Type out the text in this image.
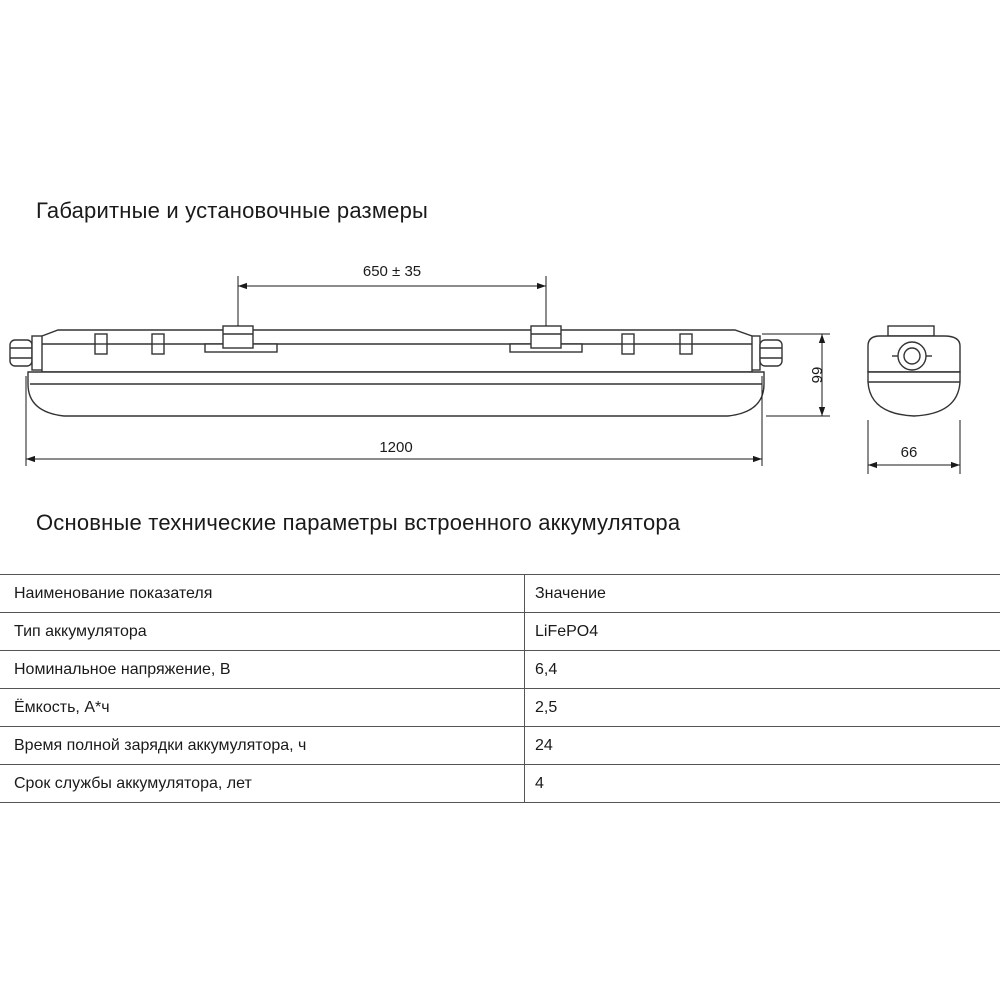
Габаритные и установочные размеры
650 ± 35
1200
66
66
Основные технические параметры встроенного аккумулятора
Наименование показателя	Значение
Тип аккумулятора	LiFePO4
Номинальное напряжение, В	6,4
Ёмкость, А*ч	2,5
Время полной зарядки аккумулятора, ч	24
Срок службы аккумулятора, лет	4
